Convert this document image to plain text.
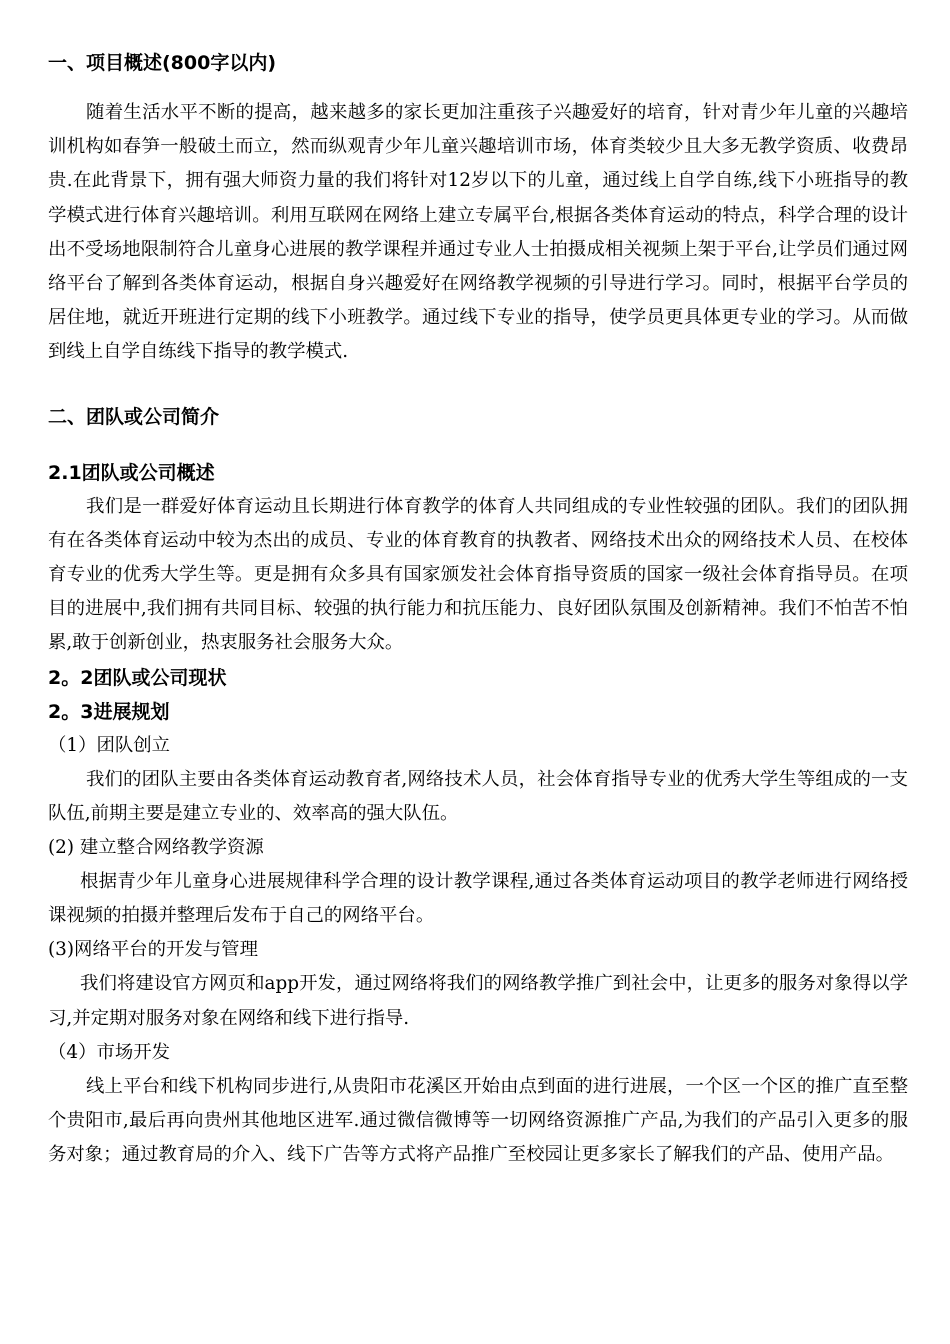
一、项目概述(800字以内)

随着生活水平不断的提高，越来越多的家长更加注重孩子兴趣爱好的培育，针对青少年儿童的兴趣培训机构如春笋一般破土而立，然而纵观青少年儿童兴趣培训市场，体育类较少且大多无教学资质、收费昂贵.在此背景下，拥有强大师资力量的我们将针对12岁以下的儿童，通过线上自学自练,线下小班指导的教学模式进行体育兴趣培训。利用互联网在网络上建立专属平台,根据各类体育运动的特点，科学合理的设计出不受场地限制符合儿童身心进展的教学课程并通过专业人士拍摄成相关视频上架于平台,让学员们通过网络平台了解到各类体育运动，根据自身兴趣爱好在网络教学视频的引导进行学习。同时，根据平台学员的居住地，就近开班进行定期的线下小班教学。通过线下专业的指导，使学员更具体更专业的学习。从而做到线上自学自练线下指导的教学模式.

二、团队或公司简介

2.1团队或公司概述

我们是一群爱好体育运动且长期进行体育教学的体育人共同组成的专业性较强的团队。我们的团队拥有在各类体育运动中较为杰出的成员、专业的体育教育的执教者、网络技术出众的网络技术人员、在校体育专业的优秀大学生等。更是拥有众多具有国家颁发社会体育指导资质的国家一级社会体育指导员。在项目的进展中,我们拥有共同目标、较强的执行能力和抗压能力、良好团队氛围及创新精神。我们不怕苦不怕累,敢于创新创业，热衷服务社会服务大众。

2。2团队或公司现状

2。3进展规划

（1）团队创立

我们的团队主要由各类体育运动教育者,网络技术人员，社会体育指导专业的优秀大学生等组成的一支队伍,前期主要是建立专业的、效率高的强大队伍。

(2) 建立整合网络教学资源

根据青少年儿童身心进展规律科学合理的设计教学课程,通过各类体育运动项目的教学老师进行网络授课视频的拍摄并整理后发布于自己的网络平台。

(3)网络平台的开发与管理

我们将建设官方网页和app开发，通过网络将我们的网络教学推广到社会中，让更多的服务对象得以学习,并定期对服务对象在网络和线下进行指导.

（4）市场开发

线上平台和线下机构同步进行,从贵阳市花溪区开始由点到面的进行进展，一个区一个区的推广直至整个贵阳市,最后再向贵州其他地区进军.通过微信微博等一切网络资源推广产品,为我们的产品引入更多的服务对象；通过教育局的介入、线下广告等方式将产品推广至校园让更多家长了解我们的产品、使用产品。
